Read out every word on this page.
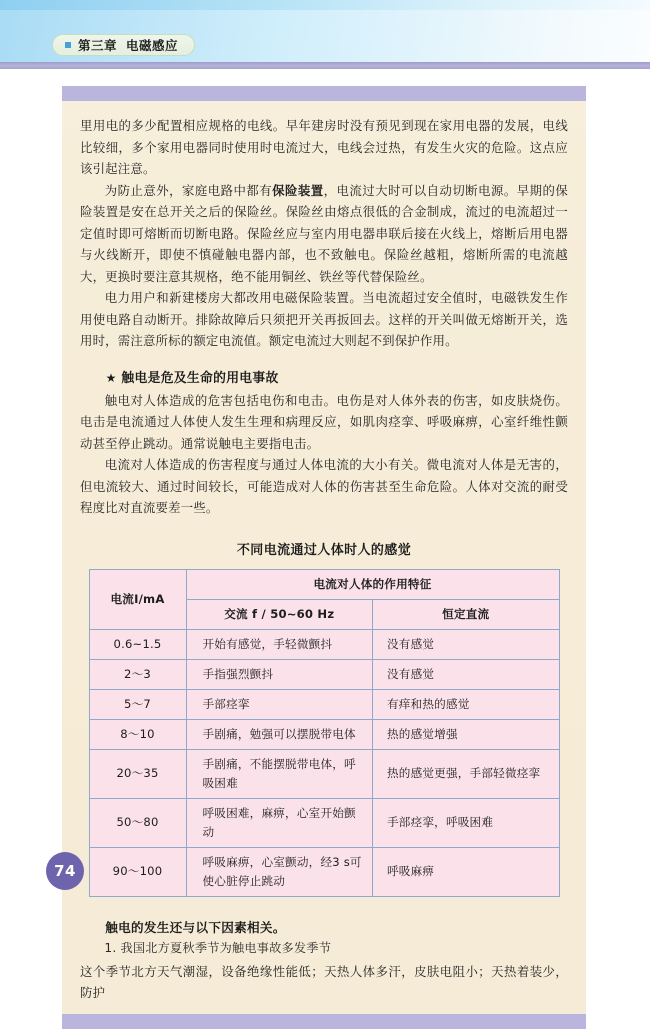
第三章 电磁感应

里用电的多少配置相应规格的电线。早年建房时没有预见到现在家用电器的发展，电线比较细，多个家用电器同时使用时电流过大，电线会过热，有发生火灾的危险。这点应该引起注意。

为防止意外，家庭电路中都有保险装置，电流过大时可以自动切断电源。早期的保险装置是安在总开关之后的保险丝。保险丝由熔点很低的合金制成，流过的电流超过一定值时即可熔断而切断电路。保险丝应与室内用电器串联后接在火线上，熔断后用电器与火线断开，即使不慎碰触电器内部，也不致触电。保险丝越粗，熔断所需的电流越大，更换时要注意其规格，绝不能用铜丝、铁丝等代替保险丝。

电力用户和新建楼房大都改用电磁保险装置。当电流超过安全值时，电磁铁发生作用使电路自动断开。排除故障后只须把开关再扳回去。这样的开关叫做无熔断开关，选用时，需注意所标的额定电流值。额定电流过大则起不到保护作用。

★ 触电是危及生命的用电事故

触电对人体造成的危害包括电伤和电击。电伤是对人体外表的伤害，如皮肤烧伤。电击是电流通过人体使人发生生理和病理反应，如肌肉痉挛、呼吸麻痹，心室纤维性颤动甚至停止跳动。通常说触电主要指电击。

电流对人体造成的伤害程度与通过人体电流的大小有关。微电流对人体是无害的，但电流较大、通过时间较长，可能造成对人体的伤害甚至生命危险。人体对交流的耐受程度比对直流要差一些。

不同电流通过人体时人的感觉
电流I/mA	电流对人体的作用特征	
	交流 f / 50~60 Hz	恒定直流
0.6~1.5	开始有感觉，手轻微颤抖	没有感觉
2～3	手指强烈颤抖	没有感觉
5～7	手部痉挛	有痒和热的感觉
8～10	手剧痛，勉强可以摆脱带电体	热的感觉增强
20～35	手剧痛，不能摆脱带电体，呼吸困难	热的感觉更强，手部轻微痉挛
50～80	呼吸困难，麻痹，心室开始颤动	手部痉挛，呼吸困难
90～100	呼吸麻痹，心室颤动，经3 s可使心脏停止跳动	呼吸麻痹
触电的发生还与以下因素相关。
1. 我国北方夏秋季节为触电事故多发季节

这个季节北方天气潮湿，设备绝缘性能低；天热人体多汗，皮肤电阻小；天热着装少，防护

74
